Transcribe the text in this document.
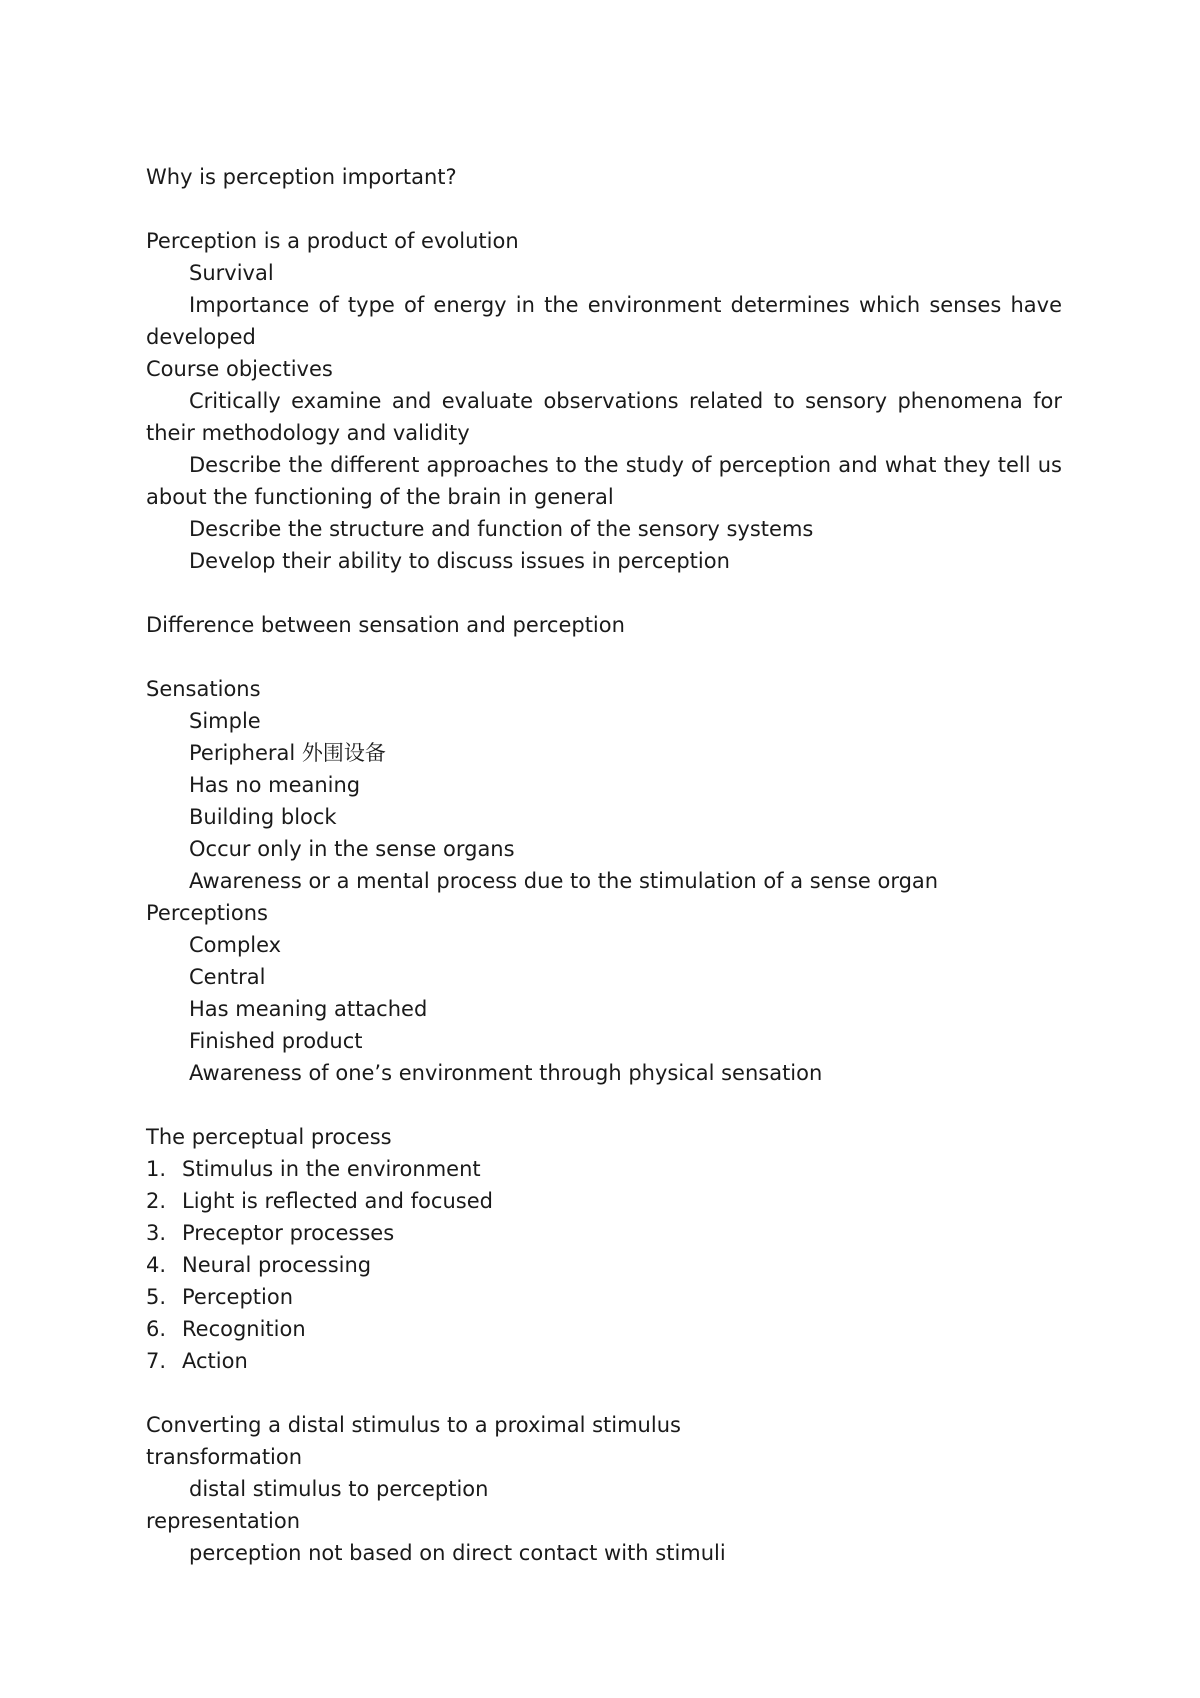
Why is perception important?

Perception is a product of evolution

Survival

Importance of type of energy in the environment determines which senses have developed

Course objectives

Critically examine and evaluate observations related to sensory phenomena for their methodology and validity

Describe the different approaches to the study of perception and what they tell us about the functioning of the brain in general

Describe the structure and function of the sensory systems

Develop their ability to discuss issues in perception

Difference between sensation and perception

Sensations

Simple

Peripheral 外围设备

Has no meaning

Building block

Occur only in the sense organs

Awareness or a mental process due to the stimulation of a sense organ

Perceptions

Complex

Central

Has meaning attached

Finished product

Awareness of one’s environment through physical sensation

The perceptual process

1. Stimulus in the environment
2. Light is reflected and focused
3. Preceptor processes
4. Neural processing
5. Perception
6. Recognition
7. Action

Converting a distal stimulus to a proximal stimulus

transformation

distal stimulus to perception

representation

perception not based on direct contact with stimuli
